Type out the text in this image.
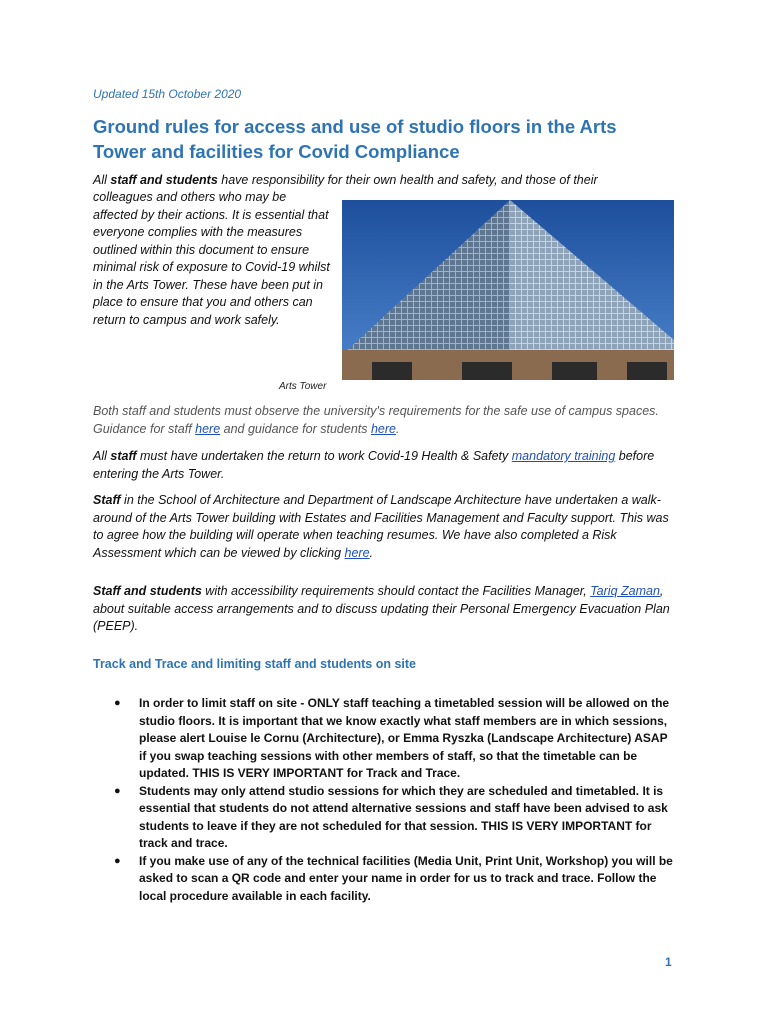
Updated 15th October 2020
Ground rules for access and use of studio floors in the Arts Tower and facilities for Covid Compliance

All staff and students have responsibility for their own health and safety, and those of their

colleagues and others who may be affected by their actions. It is essential that everyone complies with the measures outlined within this document to ensure minimal risk of exposure to Covid-19 whilst in the Arts Tower. These have been put in place to ensure that you and others can return to campus and work safely.

Arts Tower

Both staff and students must observe the university's requirements for the safe use of campus spaces. Guidance for staff here and guidance for students here.

All staff must have undertaken the return to work Covid-19 Health & Safety mandatory training before entering the Arts Tower.

Staff in the School of Architecture and Department of Landscape Architecture have undertaken a walk-around of the Arts Tower building with Estates and Facilities Management and Faculty support. This was to agree how the building will operate when teaching resumes. We have also completed a Risk Assessment which can be viewed by clicking here.

Staff and students with accessibility requirements should contact the Facilities Manager, Tariq Zaman, about suitable access arrangements and to discuss updating their Personal Emergency Evacuation Plan (PEEP).

Track and Trace and limiting staff and students on site
● In order to limit staff on site - ONLY staff teaching a timetabled session will be allowed on the studio floors. It is important that we know exactly what staff members are in which sessions, please alert Louise le Cornu (Architecture), or Emma Ryszka (Landscape Architecture) ASAP if you swap teaching sessions with other members of staff, so that the timetable can be updated. THIS IS VERY IMPORTANT for Track and Trace.
● Students may only attend studio sessions for which they are scheduled and timetabled. It is essential that students do not attend alternative sessions and staff have been advised to ask students to leave if they are not scheduled for that session. THIS IS VERY IMPORTANT for track and trace.
● If you make use of any of the technical facilities (Media Unit, Print Unit, Workshop) you will be asked to scan a QR code and enter your name in order for us to track and trace. Follow the local procedure available in each facility.
1
